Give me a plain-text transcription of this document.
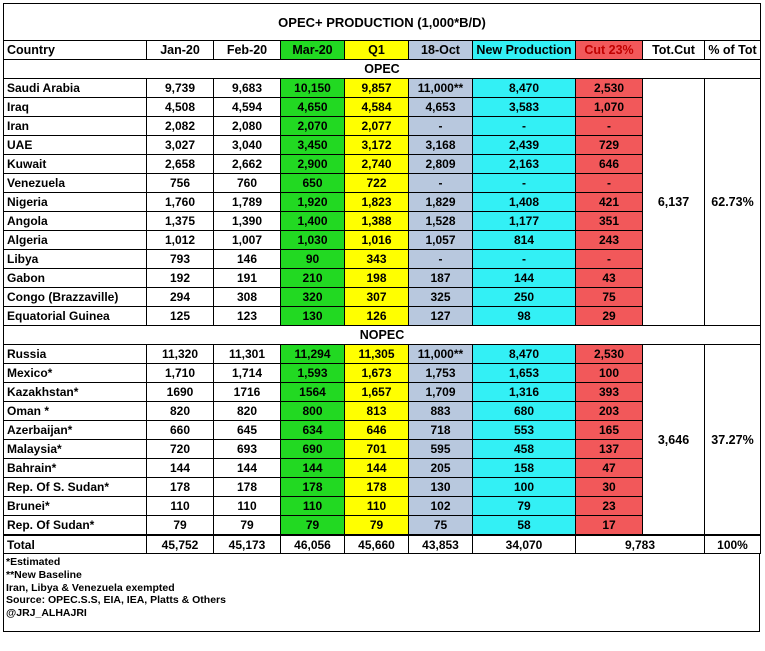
OPEC+ PRODUCTION (1,000*B/D)									
Country	Jan-20	Feb-20	Mar-20	Q1	18-Oct	New Production	Cut 23%	Tot.Cut	% of Tot
OPEC									
Saudi Arabia	9,739	9,683	10,150	9,857	11,000**	8,470	2,530	6,137	62.73%
Iraq	4,508	4,594	4,650	4,584	4,653	3,583	1,070		
Iran	2,082	2,080	2,070	2,077	-	-	-		
UAE	3,027	3,040	3,450	3,172	3,168	2,439	729		
Kuwait	2,658	2,662	2,900	2,740	2,809	2,163	646		
Venezuela	756	760	650	722	-	-	-		
Nigeria	1,760	1,789	1,920	1,823	1,829	1,408	421		
Angola	1,375	1,390	1,400	1,388	1,528	1,177	351		
Algeria	1,012	1,007	1,030	1,016	1,057	814	243		
Libya	793	146	90	343	-	-	-		
Gabon	192	191	210	198	187	144	43		
Congo (Brazzaville)	294	308	320	307	325	250	75		
Equatorial Guinea	125	123	130	126	127	98	29		
NOPEC									
Russia	11,320	11,301	11,294	11,305	11,000**	8,470	2,530	3,646	37.27%
Mexico*	1,710	1,714	1,593	1,673	1,753	1,653	100		
Kazakhstan*	1690	1716	1564	1,657	1,709	1,316	393		
Oman *	820	820	800	813	883	680	203		
Azerbaijan*	660	645	634	646	718	553	165		
Malaysia*	720	693	690	701	595	458	137		
Bahrain*	144	144	144	144	205	158	47		
Rep. Of S. Sudan*	178	178	178	178	130	100	30		
Brunei*	110	110	110	110	102	79	23		
Rep. Of Sudan*	79	79	79	79	75	58	17		
Total	45,752	45,173	46,056	45,660	43,853	34,070	9,783		100%
*Estimated
**New Baseline
Iran, Libya & Venezuela exempted
Source: OPEC.S.S, EIA, IEA, Platts & Others
@JRJ_ALHAJRI
